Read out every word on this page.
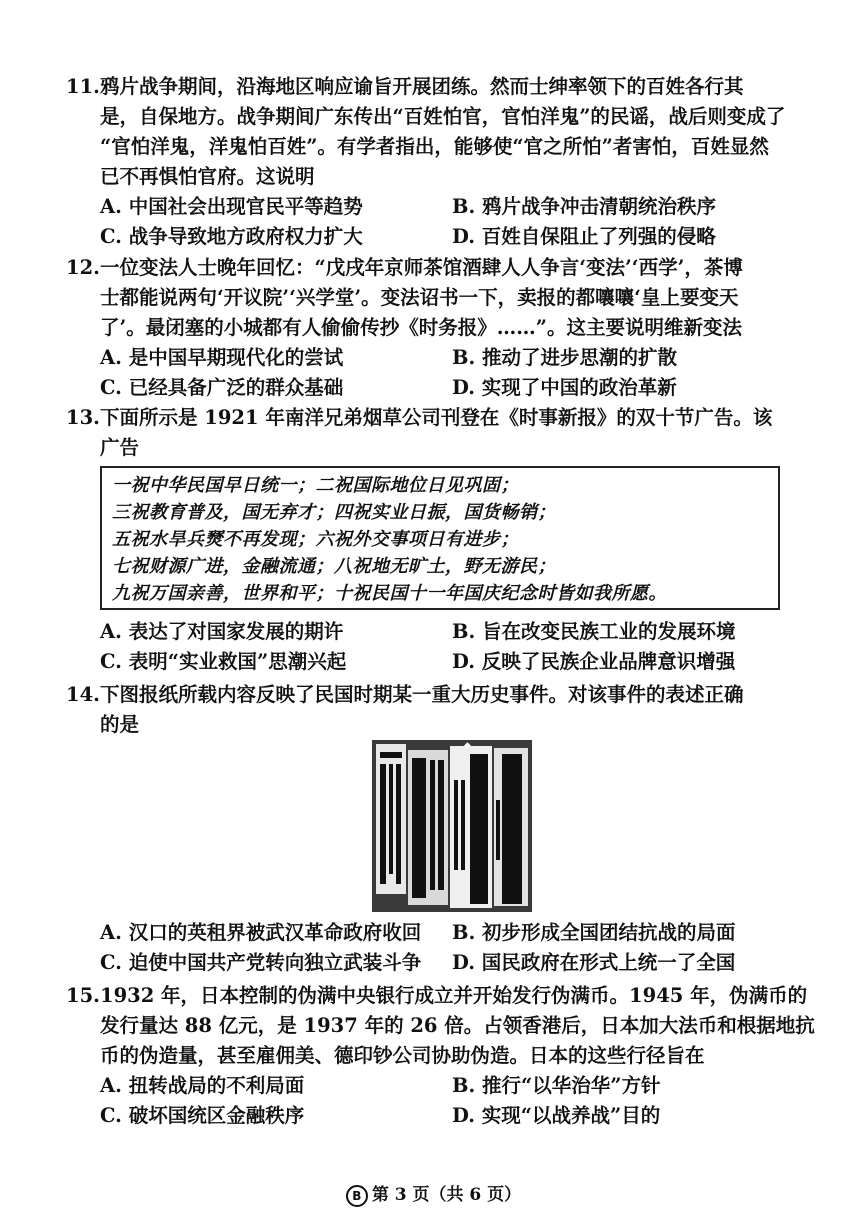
11.鸦片战争期间，沿海地区响应谕旨开展团练。然而士绅率领下的百姓各行其
是，自保地方。战争期间广东传出“百姓怕官，官怕洋鬼”的民谣，战后则变成了
“官怕洋鬼，洋鬼怕百姓”。有学者指出，能够使“官之所怕”者害怕，百姓显然
已不再惧怕官府。这说明
A. 中国社会出现官民平等趋势	B. 鸦片战争冲击清朝统治秩序
C. 战争导致地方政府权力扩大	D. 百姓自保阻止了列强的侵略
12.一位变法人士晚年回忆：“戊戌年京师茶馆酒肆人人争言‘变法’‘西学’，茶博
士都能说两句‘开议院’‘兴学堂’。变法诏书一下，卖报的都嚷嚷‘皇上要变天
了’。最闭塞的小城都有人偷偷传抄《时务报》……”。这主要说明维新变法
A. 是中国早期现代化的尝试	B. 推动了进步思潮的扩散
C. 已经具备广泛的群众基础	D. 实现了中国的政治革新
13.下面所示是 1921 年南洋兄弟烟草公司刊登在《时事新报》的双十节广告。该
广告
一祝中华民国早日统一；二祝国际地位日见巩固；
三祝教育普及，国无弃才；四祝实业日振，国货畅销；
五祝水旱兵燹不再发现；六祝外交事项日有进步；
七祝财源广进，金融流通；八祝地无旷土，野无游民；
九祝万国亲善，世界和平；十祝民国十一年国庆纪念时皆如我所愿。
A. 表达了对国家发展的期许	B. 旨在改变民族工业的发展环境
C. 表明“实业救国”思潮兴起	D. 反映了民族企业品牌意识增强
14.下图报纸所载内容反映了民国时期某一重大历史事件。对该事件的表述正确
的是
◆
A. 汉口的英租界被武汉革命政府收回 B. 初步形成全国团结抗战的局面
C. 迫使中国共产党转向独立武装斗争 D. 国民政府在形式上统一了全国
15.1932 年，日本控制的伪满中央银行成立并开始发行伪满币。1945 年，伪满币的
发行量达 88 亿元，是 1937 年的 26 倍。占领香港后，日本加大法币和根据地抗
币的伪造量，甚至雇佣美、德印钞公司协助伪造。日本的这些行径旨在
A. 扭转战局的不利局面	B. 推行“以华治华”方针
C. 破坏国统区金融秩序	D. 实现“以战养战”目的
B 第 3 页（共 6 页）
